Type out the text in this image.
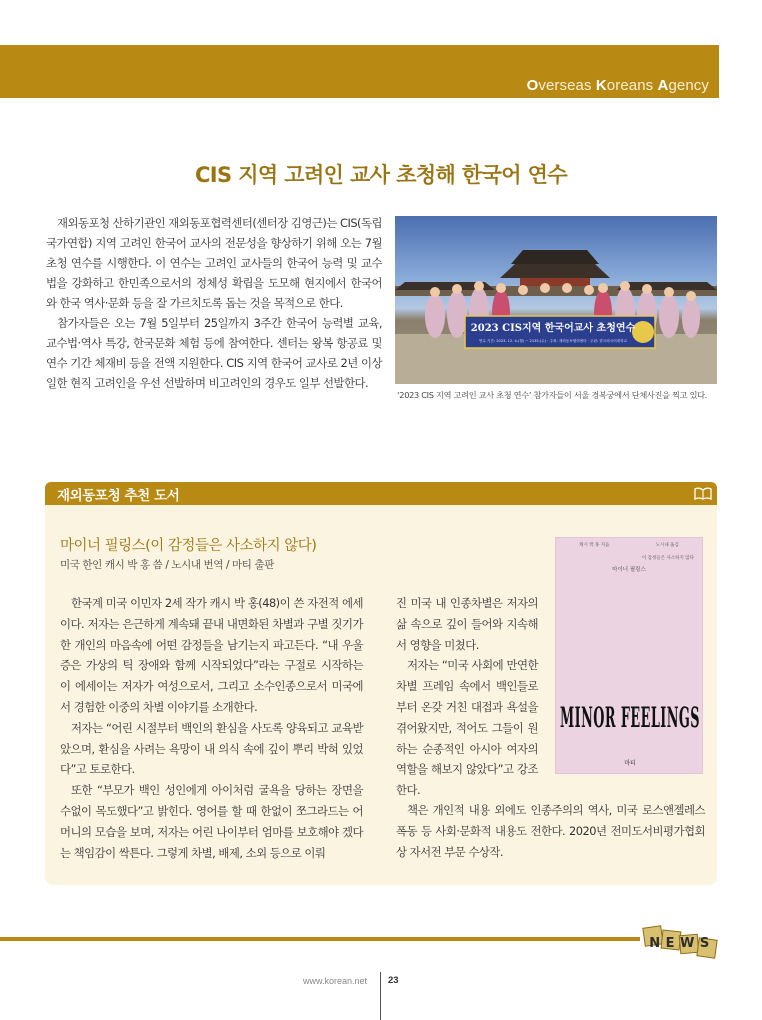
Overseas Koreans Agency
CIS 지역 고려인 교사 초청해 한국어 연수

재외동포청 산하기관인 재외동포협력센터(센터장 김영근)는 CIS(독립국가연합) 지역 고려인 한국어 교사의 전문성을 향상하기 위해 오는 7월 초청 연수를 시행한다. 이 연수는 고려인 교사들의 한국어 능력 및 교수법을 강화하고 한민족으로서의 정체성 확립을 도모해 현지에서 한국어와 한국 역사·문화 등을 잘 가르치도록 돕는 것을 목적으로 한다.

참가자들은 오는 7월 5일부터 25일까지 3주간 한국어 능력별 교육, 교수법·역사 특강, 한국문화 체험 등에 참여한다. 센터는 왕복 항공료 및 연수 기간 체재비 등을 전액 지원한다. CIS 지역 한국어 교사로 2년 이상 일한 현직 고려인을 우선 선발하며 비고려인의 경우도 일부 선발한다.

2023 CIS지역 한국어교사 초청연수
연수 기간: 2023. 12. 4.(월) ~ 2135.(수) · 주최: 재외동포협력센터 · 주관: 한국외국어대학교
‘2023 CIS 지역 고려인 교사 초청 연수’ 참가자들이 서울 경복궁에서 단체사진을 찍고 있다.
재외동포청 추천 도서
마이너 필링스(이 감정들은 사소하지 않다)
미국 한인 캐시 박 홍 씀 / 노시내 번역 / 마티 출판

한국계 미국 이민자 2세 작가 캐시 박 홍(48)이 쓴 자전적 에세이다. 저자는 은근하게 계속돼 끝내 내면화된 차별과 구별 짓기가 한 개인의 마음속에 어떤 감정들을 남기는지 파고든다. “내 우울증은 가상의 틱 장애와 함께 시작되었다”라는 구절로 시작하는 이 에세이는 저자가 여성으로서, 그리고 소수인종으로서 미국에서 경험한 이중의 차별 이야기를 소개한다.

저자는 “어린 시절부터 백인의 환심을 사도록 양육되고 교육받았으며, 환심을 사려는 욕망이 내 의식 속에 깊이 뿌리 박혀 있었다”고 토로한다.

또한 “부모가 백인 성인에게 아이처럼 굴욕을 당하는 장면을 수없이 목도했다”고 밝힌다. 영어를 할 때 한없이 쪼그라드는 어머니의 모습을 보며, 저자는 어린 나이부터 엄마를 보호해야 겠다는 책임감이 싹튼다. 그렇게 차별, 배제, 소외 등으로 이뤄

진 미국 내 인종차별은 저자의 삶 속으로 깊이 들어와 지속해서 영향을 미쳤다.

저자는 “미국 사회에 만연한 차별 프레임 속에서 백인들로부터 온갖 거친 대접과 욕설을 겪어왔지만, 적어도 그들이 원하는 순종적인 아시아 여자의 역할을 해보지 않았다”고 강조한다.

책은 개인적 내용 외에도 인종주의의 역사, 미국 로스앤젤레스 폭동 등 사회·문화적 내용도 전한다. 2020년 전미도서비평가협회상 자서전 부문 수상작.

캐시 박 홍 지음	노시내 옮김
이 감정들은 사소하지 않다
마이너 필링스
MINOR FEELINGS
마티
NEWS
www.korean.net 23
